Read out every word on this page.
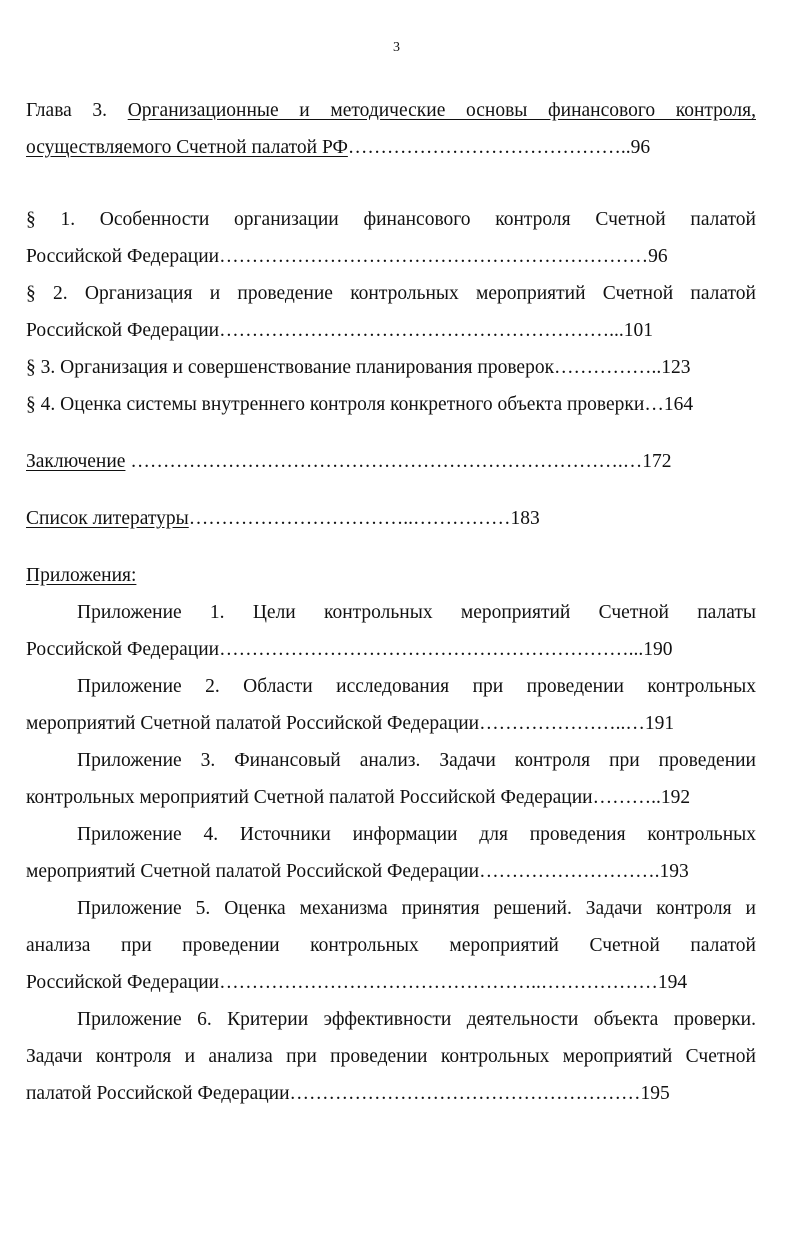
3
Глава 3. Организационные и методические основы финансового контроля,
осуществляемого Счетной палатой РФ……………………………………..96
§ 1. Особенности организации финансового контроля Счетной палатой
Российской Федерации…………………………………………………………96
§ 2. Организация и проведение контрольных мероприятий Счетной палатой
Российской Федерации……………………………………………………...101
§ 3. Организация и совершенствование планирования проверок……………..123
§ 4. Оценка системы внутреннего контроля конкретного объекта проверки…164
Заключение ………………………………………………………………….…172
Список литературы……………………………..……………183
Приложения:
Приложение 1. Цели контрольных мероприятий Счетной палаты
Российской Федерации………………………………………………………...190
Приложение 2. Области исследования при проведении контрольных
мероприятий Счетной палатой Российской Федерации…………………..…191
Приложение 3. Финансовый анализ. Задачи контроля при проведении
контрольных мероприятий Счетной палатой Российской Федерации………..192
Приложение 4. Источники информации для проведения контрольных
мероприятий Счетной палатой Российской Федерации……………………….193
Приложение 5. Оценка механизма принятия решений. Задачи контроля и
анализа при проведении контрольных мероприятий Счетной палатой
Российской Федерации…………………………………………..………………194
Приложение 6. Критерии эффективности деятельности объекта проверки.
Задачи контроля и анализа при проведении контрольных мероприятий Счетной
палатой Российской Федерации………………………………………………195
